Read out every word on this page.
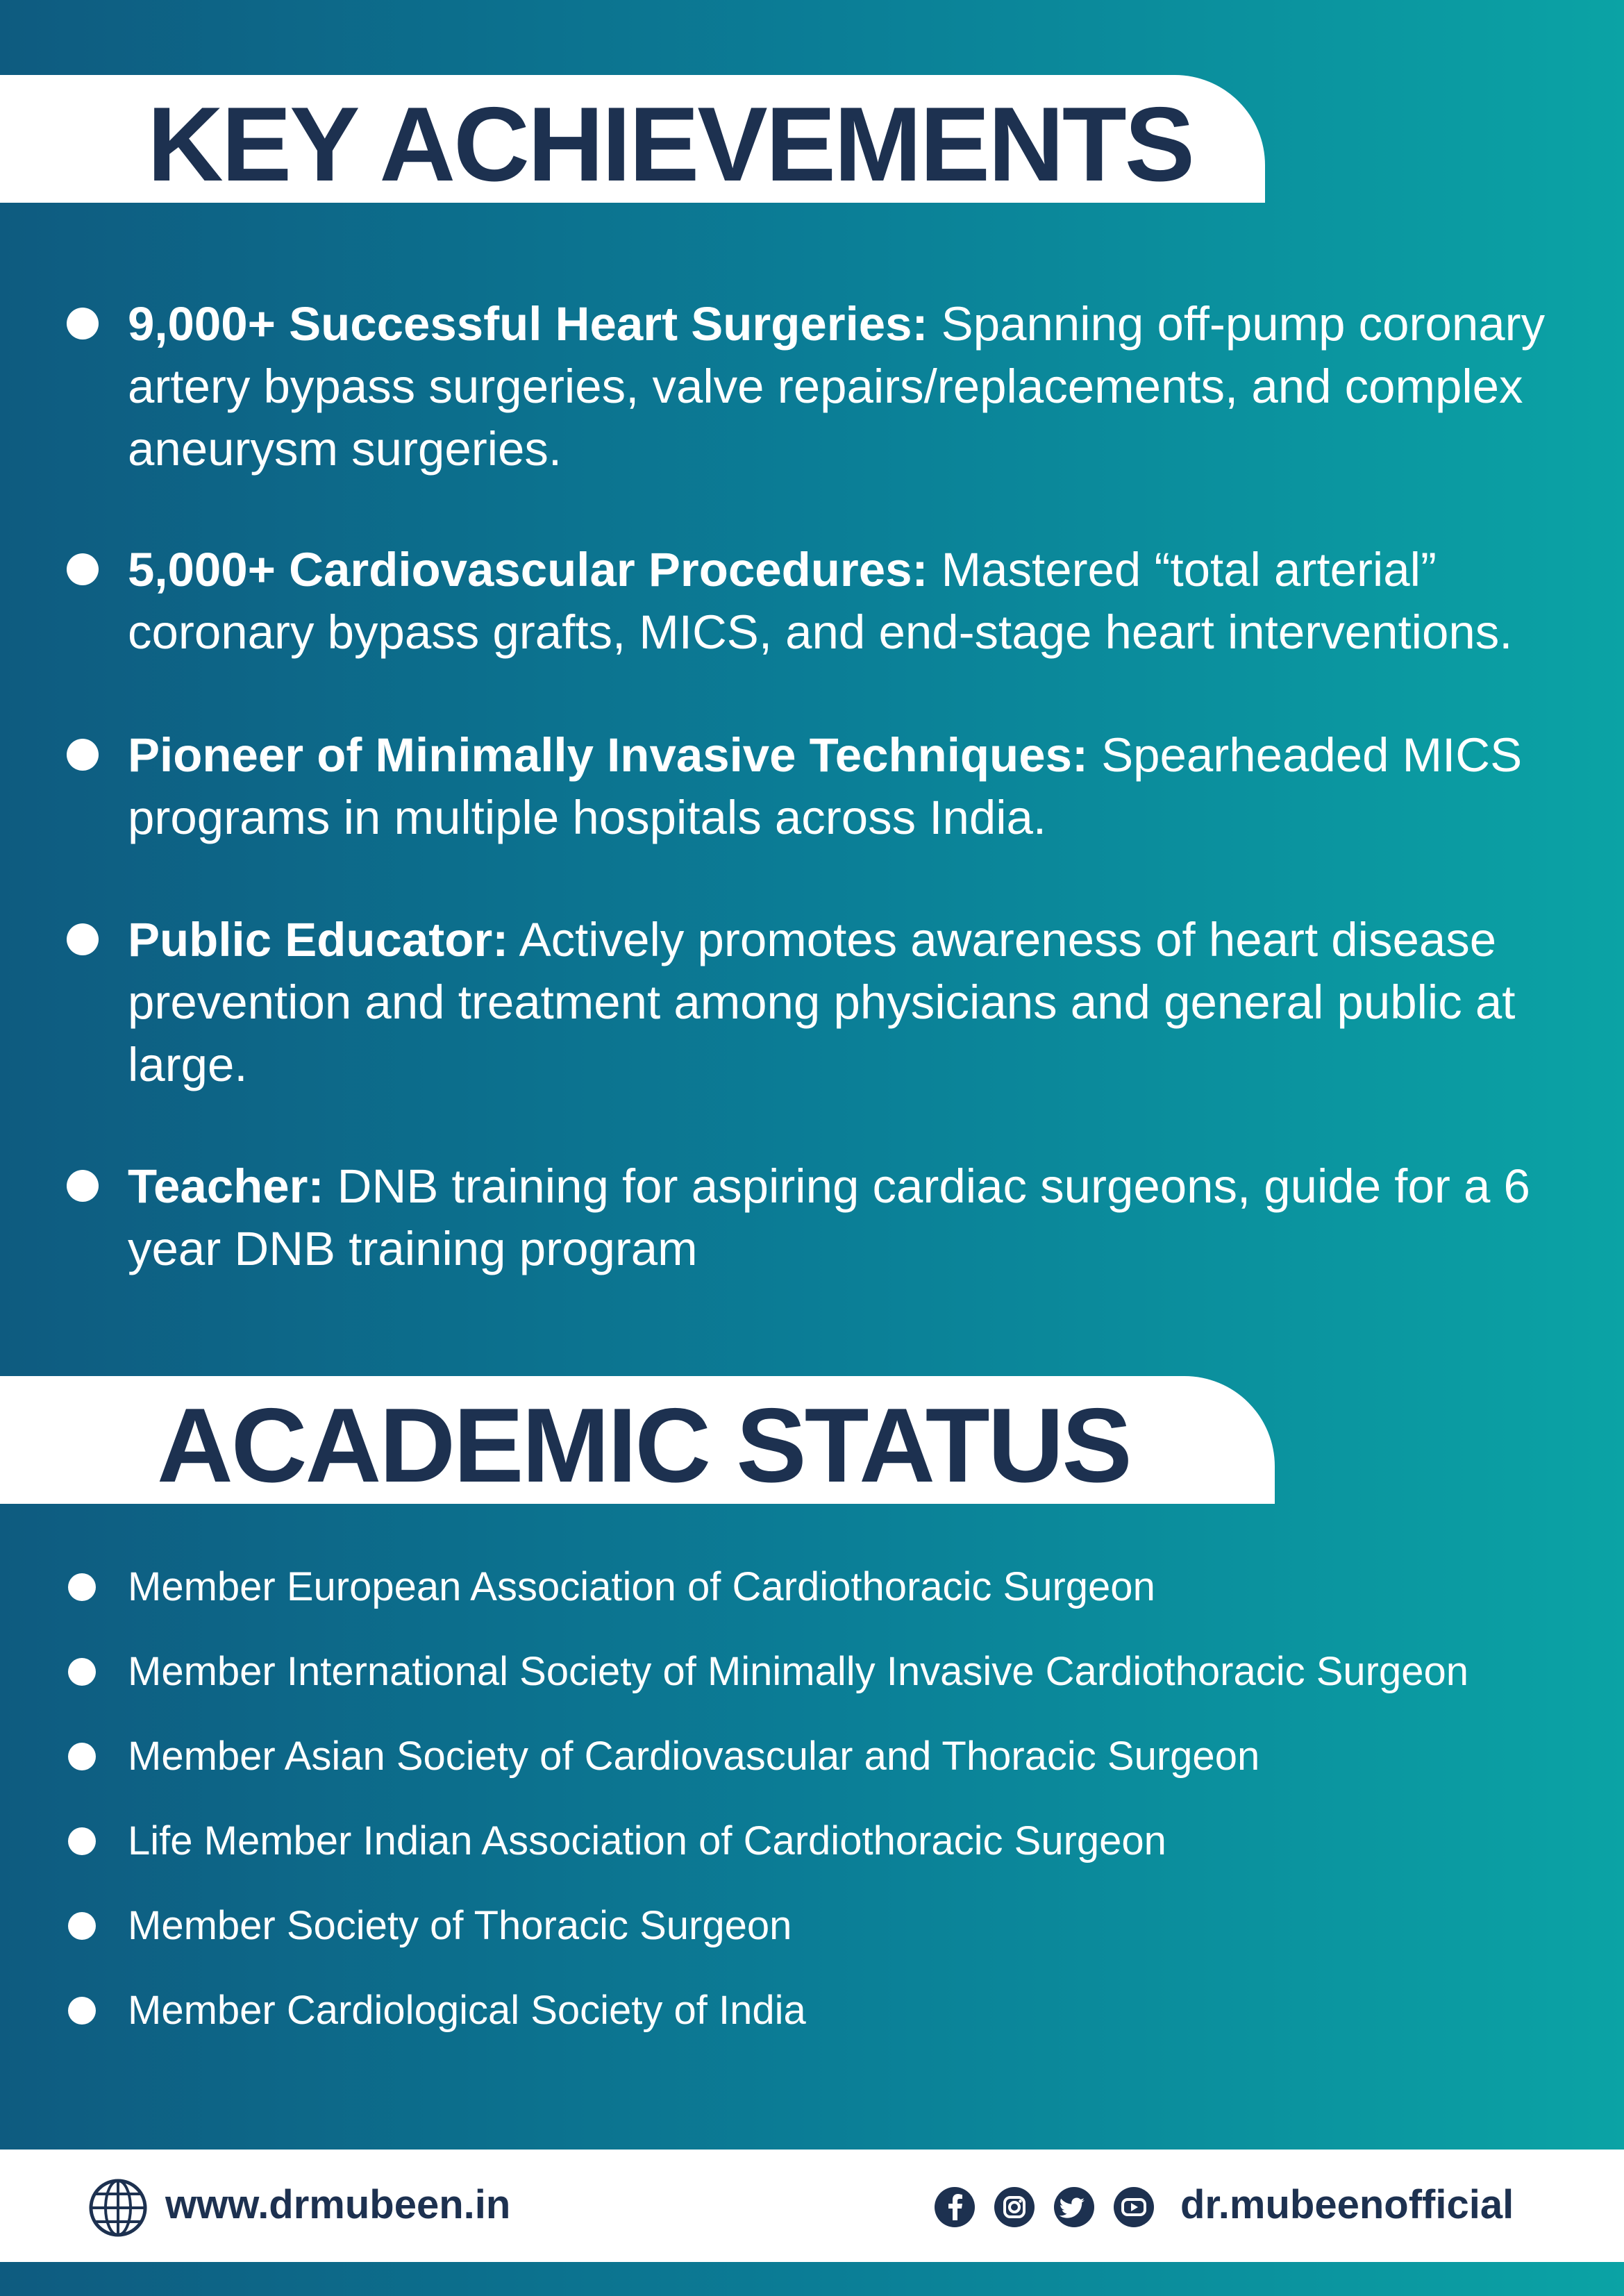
KEY ACHIEVEMENTS
9,000+ Successful Heart Surgeries: Spanning off-pump coronary artery bypass surgeries, valve repairs/replacements, and complex aneurysm surgeries.
5,000+ Cardiovascular Procedures: Mastered “total arterial” coronary bypass grafts, MICS, and end-stage heart interventions.
Pioneer of Minimally Invasive Techniques: Spearheaded MICS programs in multiple hospitals across India.
Public Educator: Actively promotes awareness of heart disease prevention and treatment among physicians and general public at large.
Teacher: DNB training for aspiring cardiac surgeons, guide for a 6 year DNB training program
ACADEMIC STATUS
Member European Association of Cardiothoracic Surgeon
Member International Society of Minimally Invasive Cardiothoracic Surgeon
Member Asian Society of Cardiovascular and Thoracic Surgeon
Life Member Indian Association of Cardiothoracic Surgeon
Member Society of Thoracic Surgeon
Member Cardiological Society of India
www.drmubeen.in	dr.mubeenofficial
